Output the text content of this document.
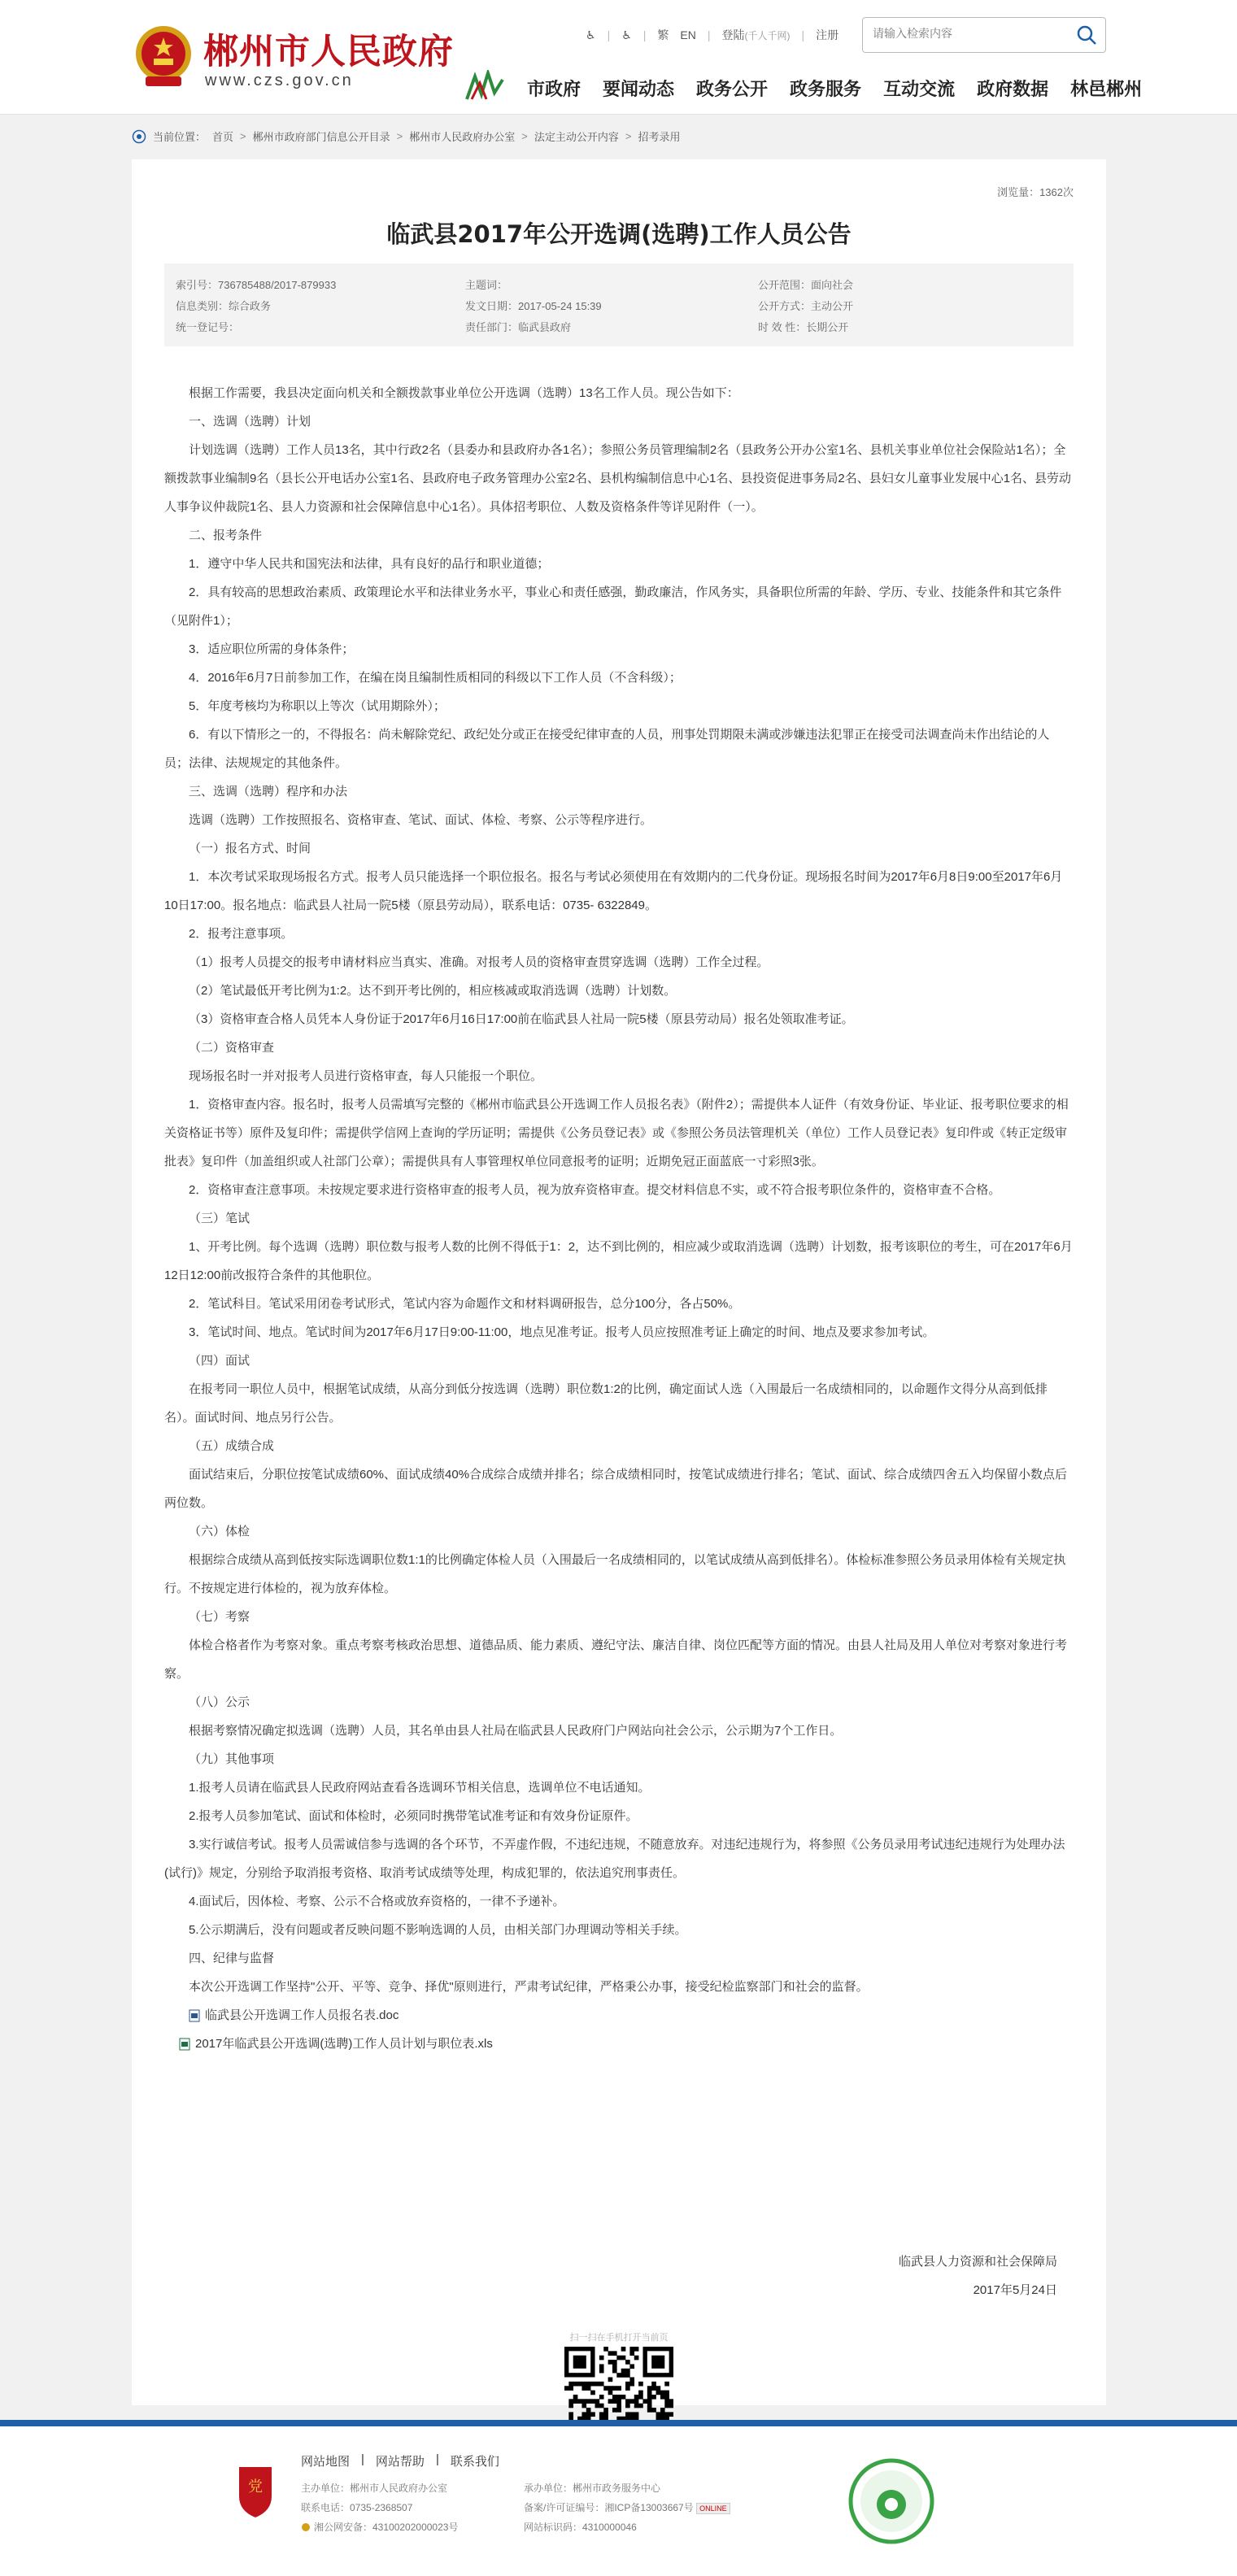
郴州市人民政府
www.czs.gov.cn
♿ | ♿ | 繁 EN | 登陆(千人千网) | 注册
请输入检索内容
市政府 要闻动态 政务公开 政务服务 互动交流 政府数据 林邑郴州
当前位置： 首页 > 郴州市政府部门信息公开目录 > 郴州市人民政府办公室 > 法定主动公开内容 > 招考录用
浏览量：1362次
临武县2017年公开选调(选聘)工作人员公告
索引号：736785488/2017-879933	主题词：	公开范围：面向社会
信息类别：综合政务	发文日期：2017-05-24 15:39	公开方式：主动公开
统一登记号：	责任部门：临武县政府	时 效 性：长期公开

根据工作需要，我县决定面向机关和全额拨款事业单位公开选调（选聘）13名工作人员。现公告如下：

一、选调（选聘）计划

计划选调（选聘）工作人员13名，其中行政2名（县委办和县政府办各1名）；参照公务员管理编制2名（县政务公开办公室1名、县机关事业单位社会保险站1名）；全额拨款事业编制9名（县长公开电话办公室1名、县政府电子政务管理办公室2名、县机构编制信息中心1名、县投资促进事务局2名、县妇女儿童事业发展中心1名、县劳动人事争议仲裁院1名、县人力资源和社会保障信息中心1名）。具体招考职位、人数及资格条件等详见附件（一）。

二、报考条件

1．遵守中华人民共和国宪法和法律，具有良好的品行和职业道德；

2．具有较高的思想政治素质、政策理论水平和法律业务水平，事业心和责任感强，勤政廉洁，作风务实，具备职位所需的年龄、学历、专业、技能条件和其它条件（见附件1）；

3．适应职位所需的身体条件；

4．2016年6月7日前参加工作，在编在岗且编制性质相同的科级以下工作人员（不含科级）；

5．年度考核均为称职以上等次（试用期除外）；

6．有以下情形之一的，不得报名：尚未解除党纪、政纪处分或正在接受纪律审查的人员，刑事处罚期限未满或涉嫌违法犯罪正在接受司法调查尚未作出结论的人员；法律、法规规定的其他条件。

三、选调（选聘）程序和办法

选调（选聘）工作按照报名、资格审查、笔试、面试、体检、考察、公示等程序进行。

（一）报名方式、时间

1．本次考试采取现场报名方式。报考人员只能选择一个职位报名。报名与考试必须使用在有效期内的二代身份证。现场报名时间为2017年6月8日9:00至2017年6月10日17:00。报名地点：临武县人社局一院5楼（原县劳动局），联系电话：0735- 6322849。

2．报考注意事项。

（1）报考人员提交的报考申请材料应当真实、准确。对报考人员的资格审查贯穿选调（选聘）工作全过程。

（2）笔试最低开考比例为1:2。达不到开考比例的，相应核减或取消选调（选聘）计划数。

（3）资格审查合格人员凭本人身份证于2017年6月16日17:00前在临武县人社局一院5楼（原县劳动局）报名处领取准考证。

（二）资格审查

现场报名时一并对报考人员进行资格审查，每人只能报一个职位。

1．资格审查内容。报名时，报考人员需填写完整的《郴州市临武县公开选调工作人员报名表》（附件2）；需提供本人证件（有效身份证、毕业证、报考职位要求的相关资格证书等）原件及复印件；需提供学信网上查询的学历证明；需提供《公务员登记表》或《参照公务员法管理机关（单位）工作人员登记表》复印件或《转正定级审批表》复印件（加盖组织或人社部门公章）；需提供具有人事管理权单位同意报考的证明；近期免冠正面蓝底一寸彩照3张。

2．资格审查注意事项。未按规定要求进行资格审查的报考人员，视为放弃资格审查。提交材料信息不实，或不符合报考职位条件的，资格审查不合格。

（三）笔试

1、开考比例。每个选调（选聘）职位数与报考人数的比例不得低于1：2，达不到比例的，相应减少或取消选调（选聘）计划数，报考该职位的考生，可在2017年6月12日12:00前改报符合条件的其他职位。

2．笔试科目。笔试采用闭卷考试形式，笔试内容为命题作文和材料调研报告，总分100分，各占50%。

3．笔试时间、地点。笔试时间为2017年6月17日9:00-11:00，地点见准考证。报考人员应按照准考证上确定的时间、地点及要求参加考试。

（四）面试

在报考同一职位人员中，根据笔试成绩，从高分到低分按选调（选聘）职位数1:2的比例，确定面试人选（入围最后一名成绩相同的，以命题作文得分从高到低排名）。面试时间、地点另行公告。

（五）成绩合成

面试结束后，分职位按笔试成绩60%、面试成绩40%合成综合成绩并排名；综合成绩相同时，按笔试成绩进行排名；笔试、面试、综合成绩四舍五入均保留小数点后两位数。

（六）体检

根据综合成绩从高到低按实际选调职位数1:1的比例确定体检人员（入围最后一名成绩相同的，以笔试成绩从高到低排名）。体检标准参照公务员录用体检有关规定执行。不按规定进行体检的，视为放弃体检。

（七）考察

体检合格者作为考察对象。重点考察考核政治思想、道德品质、能力素质、遵纪守法、廉洁自律、岗位匹配等方面的情况。由县人社局及用人单位对考察对象进行考察。

（八）公示

根据考察情况确定拟选调（选聘）人员，其名单由县人社局在临武县人民政府门户网站向社会公示，公示期为7个工作日。

（九）其他事项

1.报考人员请在临武县人民政府网站查看各选调环节相关信息，选调单位不电话通知。

2.报考人员参加笔试、面试和体检时，必须同时携带笔试准考证和有效身份证原件。

3.实行诚信考试。报考人员需诚信参与选调的各个环节，不弄虚作假，不违纪违规，不随意放弃。对违纪违规行为，将参照《公务员录用考试违纪违规行为处理办法(试行)》规定，分别给予取消报考资格、取消考试成绩等处理，构成犯罪的，依法追究刑事责任。

4.面试后，因体检、考察、公示不合格或放弃资格的，一律不予递补。

5.公示期满后，没有问题或者反映问题不影响选调的人员，由相关部门办理调动等相关手续。

四、纪律与监督

本次公开选调工作坚持"公开、平等、竞争、择优"原则进行，严肃考试纪律，严格秉公办事，接受纪检监察部门和社会的监督。

临武县公开选调工作人员报名表.doc
2017年临武县公开选调(选聘)工作人员计划与职位表.xls
临武县人力资源和社会保障局
2017年5月24日
扫一扫在手机打开当前页
党
网站地图 | 网站帮助 | 联系我们
主办单位：郴州市人民政府办公室
联系电话：0735-2368507
湘公网安备：43100202000023号
承办单位：郴州市政务服务中心
备案/许可证编号：湘ICP备13003667号 ONLINE
网站标识码：4310000046
